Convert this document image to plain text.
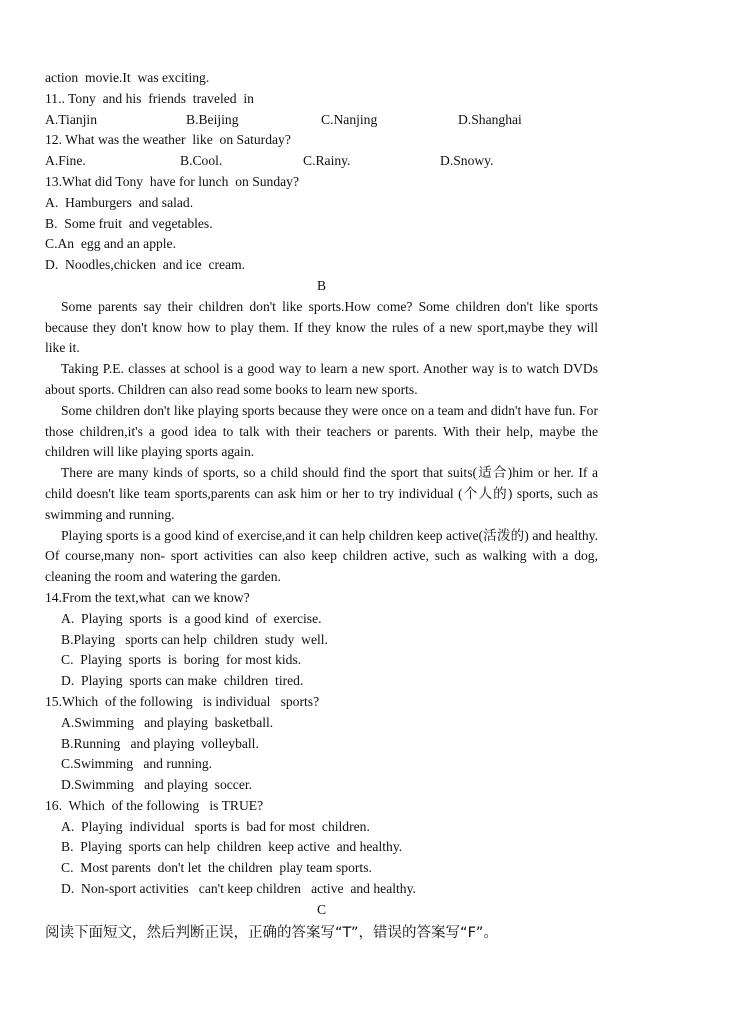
action  movie.It  was exciting.
11.. Tony  and his  friends  traveled  in
A.Tianjin	B.Beijing	C.Nanjing	D.Shanghai
12. What was the weather  like  on Saturday?
A.Fine.	B.Cool.	C.Rainy.	D.Snowy.
13.What did Tony  have for lunch  on Sunday?
A.  Hamburgers  and salad.
B.  Some fruit  and vegetables.
C.An  egg and an apple.
D.  Noodles,chicken  and ice  cream.
B
Some parents say their children don't like sports.How come? Some children don't like sports because they don't know how to play them. If they know the rules of a new sport,maybe they will like it.
Taking P.E. classes at school is a good way to learn a new sport. Another way is to watch DVDs about sports. Children can also read some books to learn new sports.
Some children don't like playing sports because they were once on a team and didn't have fun. For those children,it's a good idea to talk with their teachers or parents. With their help, maybe the children will like playing sports again.
There are many kinds of sports, so a child should find the sport that suits(适合)him or her. If a child doesn't like team sports,parents can ask him or her to try individual (个人的) sports, such as swimming and running.
Playing sports is a good kind of exercise,and it can help children keep active(活泼的) and healthy. Of course,many non- sport activities can also keep children active, such as walking with a dog, cleaning the room and watering the garden.
14.From the text,what  can we know?
A.  Playing  sports  is  a good kind  of  exercise.
B.Playing   sports can help  children  study  well.
C.  Playing  sports  is  boring  for most kids.
D.  Playing  sports can make  children  tired.
15.Which  of the following   is individual   sports?
A.Swimming   and playing  basketball.
B.Running   and playing  volleyball.
C.Swimming   and running.
D.Swimming   and playing  soccer.
16.  Which  of the following   is TRUE?
A.  Playing  individual   sports is  bad for most  children.
B.  Playing  sports can help  children  keep active  and healthy.
C.  Most parents  don't let  the children  play team sports.
D.  Non-sport activities   can't keep children   active  and healthy.
C
阅读下面短文，然后判断正误，正确的答案写“T”，错误的答案写“F”。
